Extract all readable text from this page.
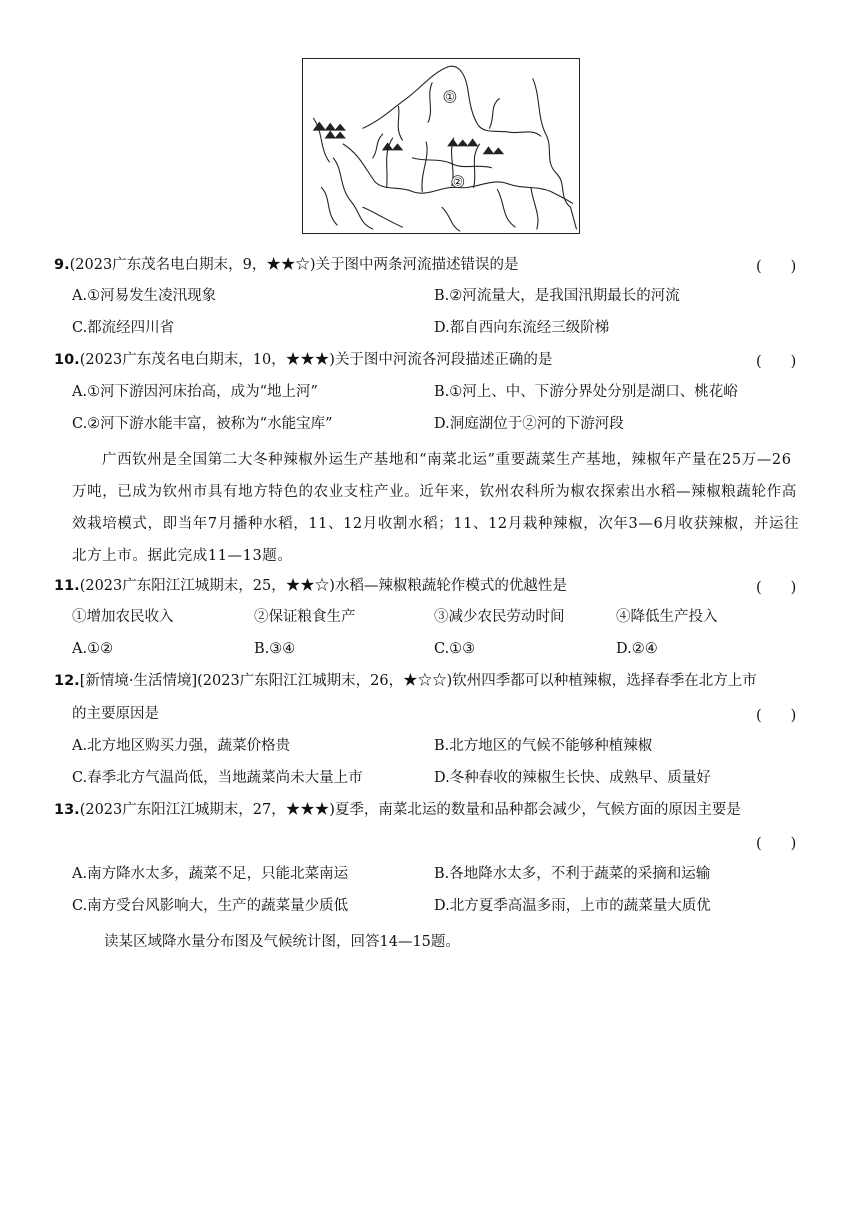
①
②
9.(2023广东茂名电白期末，9，★★☆)关于图中两条河流描述错误的是	(　　)
A.①河易发生凌汛现象	B.②河流量大，是我国汛期最长的河流
C.都流经四川省	D.都自西向东流经三级阶梯
10.(2023广东茂名电白期末，10，★★★)关于图中河流各河段描述正确的是	(　　)
A.①河下游因河床抬高，成为“地上河”	B.①河上、中、下游分界处分别是湖口、桃花峪
C.②河下游水能丰富，被称为“水能宝库”	D.洞庭湖位于②河的下游河段
广西钦州是全国第二大冬种辣椒外运生产基地和“南菜北运”重要蔬菜生产基地，辣椒年产量在25万—26万吨，已成为钦州市具有地方特色的农业支柱产业。近年来，钦州农科所为椒农探索出水稻—辣椒粮蔬轮作高效栽培模式，即当年7月播种水稻，11、12月收割水稻；11、12月栽种辣椒，次年3—6月收获辣椒，并运往北方上市。据此完成11—13题。
11.(2023广东阳江江城期末，25，★★☆)水稻—辣椒粮蔬轮作模式的优越性是	(　　)
①增加农民收入	②保证粮食生产	③减少农民劳动时间	④降低生产投入
A.①②	B.③④	C.①③	D.②④
12.[新情境·生活情境](2023广东阳江江城期末，26，★☆☆)钦州四季都可以种植辣椒，选择春季在北方上市
的主要原因是	(　　)
A.北方地区购买力强，蔬菜价格贵	B.北方地区的气候不能够种植辣椒
C.春季北方气温尚低，当地蔬菜尚未大量上市	D.冬种春收的辣椒生长快、成熟早、质量好
13.(2023广东阳江江城期末，27，★★★)夏季，南菜北运的数量和品种都会减少，气候方面的原因主要是
(　　)
A.南方降水太多，蔬菜不足，只能北菜南运	B.各地降水太多，不利于蔬菜的采摘和运输
C.南方受台风影响大，生产的蔬菜量少质低	D.北方夏季高温多雨，上市的蔬菜量大质优
读某区域降水量分布图及气候统计图，回答14—15题。
